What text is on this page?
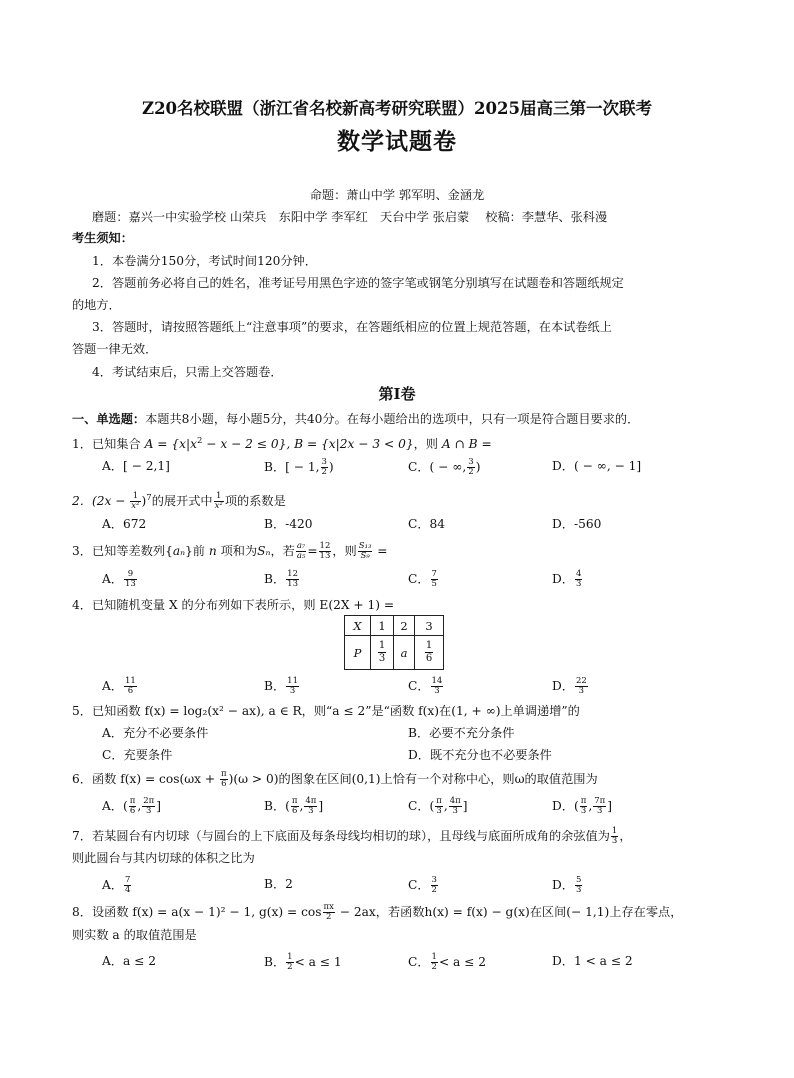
Z20名校联盟（浙江省名校新高考研究联盟）2025届高三第一次联考
数学试题卷
命题：萧山中学 郭军明、金涵龙
磨题：嘉兴一中实验学校 山荣兵　东阳中学 李军红　天台中学 张启蒙　 校稿：李慧华、张科漫
考生须知：
1．本卷满分150分，考试时间120分钟．
2．答题前务必将自己的姓名，准考证号用黑色字迹的签字笔或钢笔分别填写在试题卷和答题纸规定
的地方．
3．答题时，请按照答题纸上“注意事项”的要求，在答题纸相应的位置上规范答题，在本试卷纸上
答题一律无效．
4．考试结束后，只需上交答题卷．
第Ⅰ卷
一、单选题：本题共8小题，每小题5分，共40分。在每小题给出的选项中，只有一项是符合题目要求的．
1．已知集合 $A = \{x|x^2 - x - 2 \le 0\}$, B = {x|2x − 3 < 0}，则 A ∩ B =
A．[ − 2,1]	B．[ − 1, $\frac{3}{2}$ )	C．( − ∞, $\frac{3}{2}$ )	D．( − ∞, − 1]
2．$(2x - \frac{1}{\text{x²}} )^7$的展开式中 $\frac{1}{\text{x²}}$ 项的系数是
A．672	B．-420	C．84	D．-560
3．已知等差数列{aₙ}前 n 项和为Sₙ，若 $\frac{\text{a₇}}{\text{a₅}} = \frac{12}{13}$ ，则 $\frac{\text{S₁₃}}{\text{S₉}}$ =
A． $\frac{9}{13}$	B． $\frac{12}{13}$	C． $\frac{7}{5}$	D． $\frac{4}{3}$
4．已知随机变量 X 的分布列如下表所示，则 E(2X + 1) =
X	1	2	3
P	$\frac{1}{3}$	a	$\frac{1}{6}$
A． $\frac{11}{6}$	B． $\frac{11}{3}$	C． $\frac{14}{3}$	D． $\frac{22}{3}$
5．已知函数 f(x) = log₂(x² − ax), a ∈ R，则“a ≤ 2”是“函数 f(x)在(1, + ∞)上单调递增”的
A．充分不必要条件	B．必要不充分条件
C．充要条件	D．既不充分也不必要条件
6．函数 $f(x) = \cos(\omega x + \frac{\pi}{6} )(\omega > 0)$的图象在区间(0,1)上恰有一个对称中心，则ω的取值范围为
A．( $\frac{\pi}{6}$ , $\frac{2\pi}{3}$ ]	B．( $\frac{\pi}{6}$ , $\frac{4\pi}{3}$ ]	C．( $\frac{\pi}{3}$ , $\frac{4\pi}{3}$ ]	D．( $\frac{\pi}{3}$ , $\frac{7\pi}{3}$ ]
7．若某圆台有内切球（与圆台的上下底面及每条母线均相切的球），且母线与底面所成角的余弦值为 $\frac{1}{3}$ ，
则此圆台与其内切球的体积之比为
A． $\frac{7}{4}$	B．2	C． $\frac{3}{2}$	D． $\frac{5}{3}$
8．设函数 f(x) = a(x − 1)² − 1, $g(x) = \cos \frac{\pi x}{2} - 2ax$，若函数h(x) = f(x) − g(x)在区间(− 1,1)上存在零点，
则实数 a 的取值范围是
A．a ≤ 2	B． $\frac{1}{2} < a \le 1$	C． $\frac{1}{2} < a \le 2$	D．1 < a ≤ 2
